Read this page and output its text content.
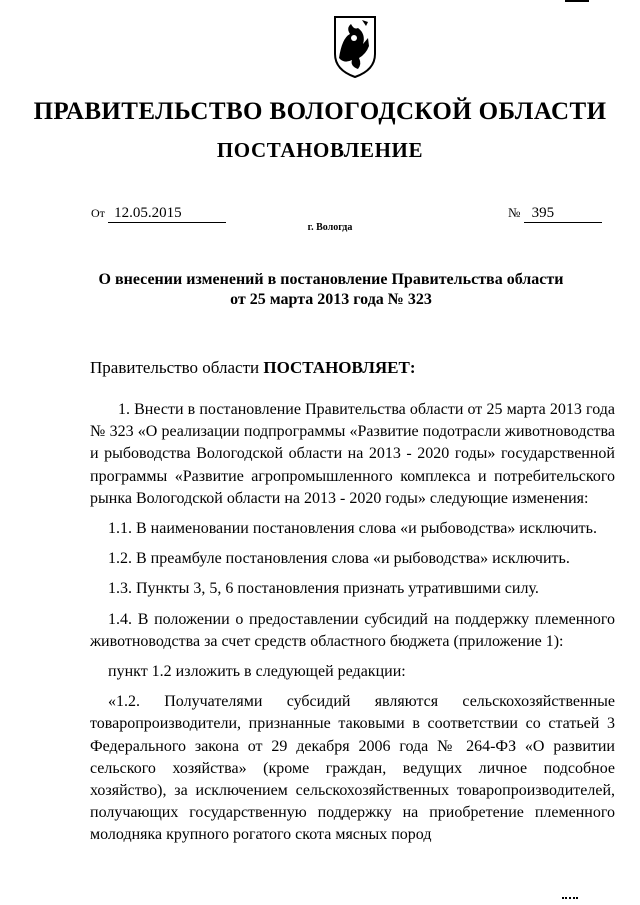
ПРАВИТЕЛЬСТВО ВОЛОГОДСКОЙ ОБЛАСТИ
ПОСТАНОВЛЕНИЕ
От 12.05.2015	№ 395
г. Вологда
О внесении изменений в постановление Правительства области
от 25 марта 2013 года № 323
Правительство области ПОСТАНОВЛЯЕТ:

1. Внести в постановление Правительства области от 25 марта 2013 года № 323 «О реализации подпрограммы «Развитие подотрасли животноводства и рыбоводства Вологодской области на 2013 - 2020 годы» государственной программы «Развитие агропромышленного комплекса и потребительского рынка Вологодской области на 2013 - 2020 годы» следующие изменения:

1.1. В наименовании постановления слова «и рыбоводства» исключить.

1.2. В преамбуле постановления слова «и рыбоводства» исключить.

1.3. Пункты 3, 5, 6 постановления признать утратившими силу.

1.4. В положении о предоставлении субсидий на поддержку племенного животноводства за счет средств областного бюджета (приложение 1):

пункт 1.2 изложить в следующей редакции:

«1.2. Получателями субсидий являются сельскохозяйственные товаропроизводители, признанные таковыми в соответствии со статьей 3 Федерального закона от 29 декабря 2006 года № 264-ФЗ «О развитии сельского хозяйства» (кроме граждан, ведущих личное подсобное хозяйство), за исключением сельскохозяйственных товаропроизводителей, получающих государственную поддержку на приобретение племенного молодняка крупного рогатого скота мясных пород
